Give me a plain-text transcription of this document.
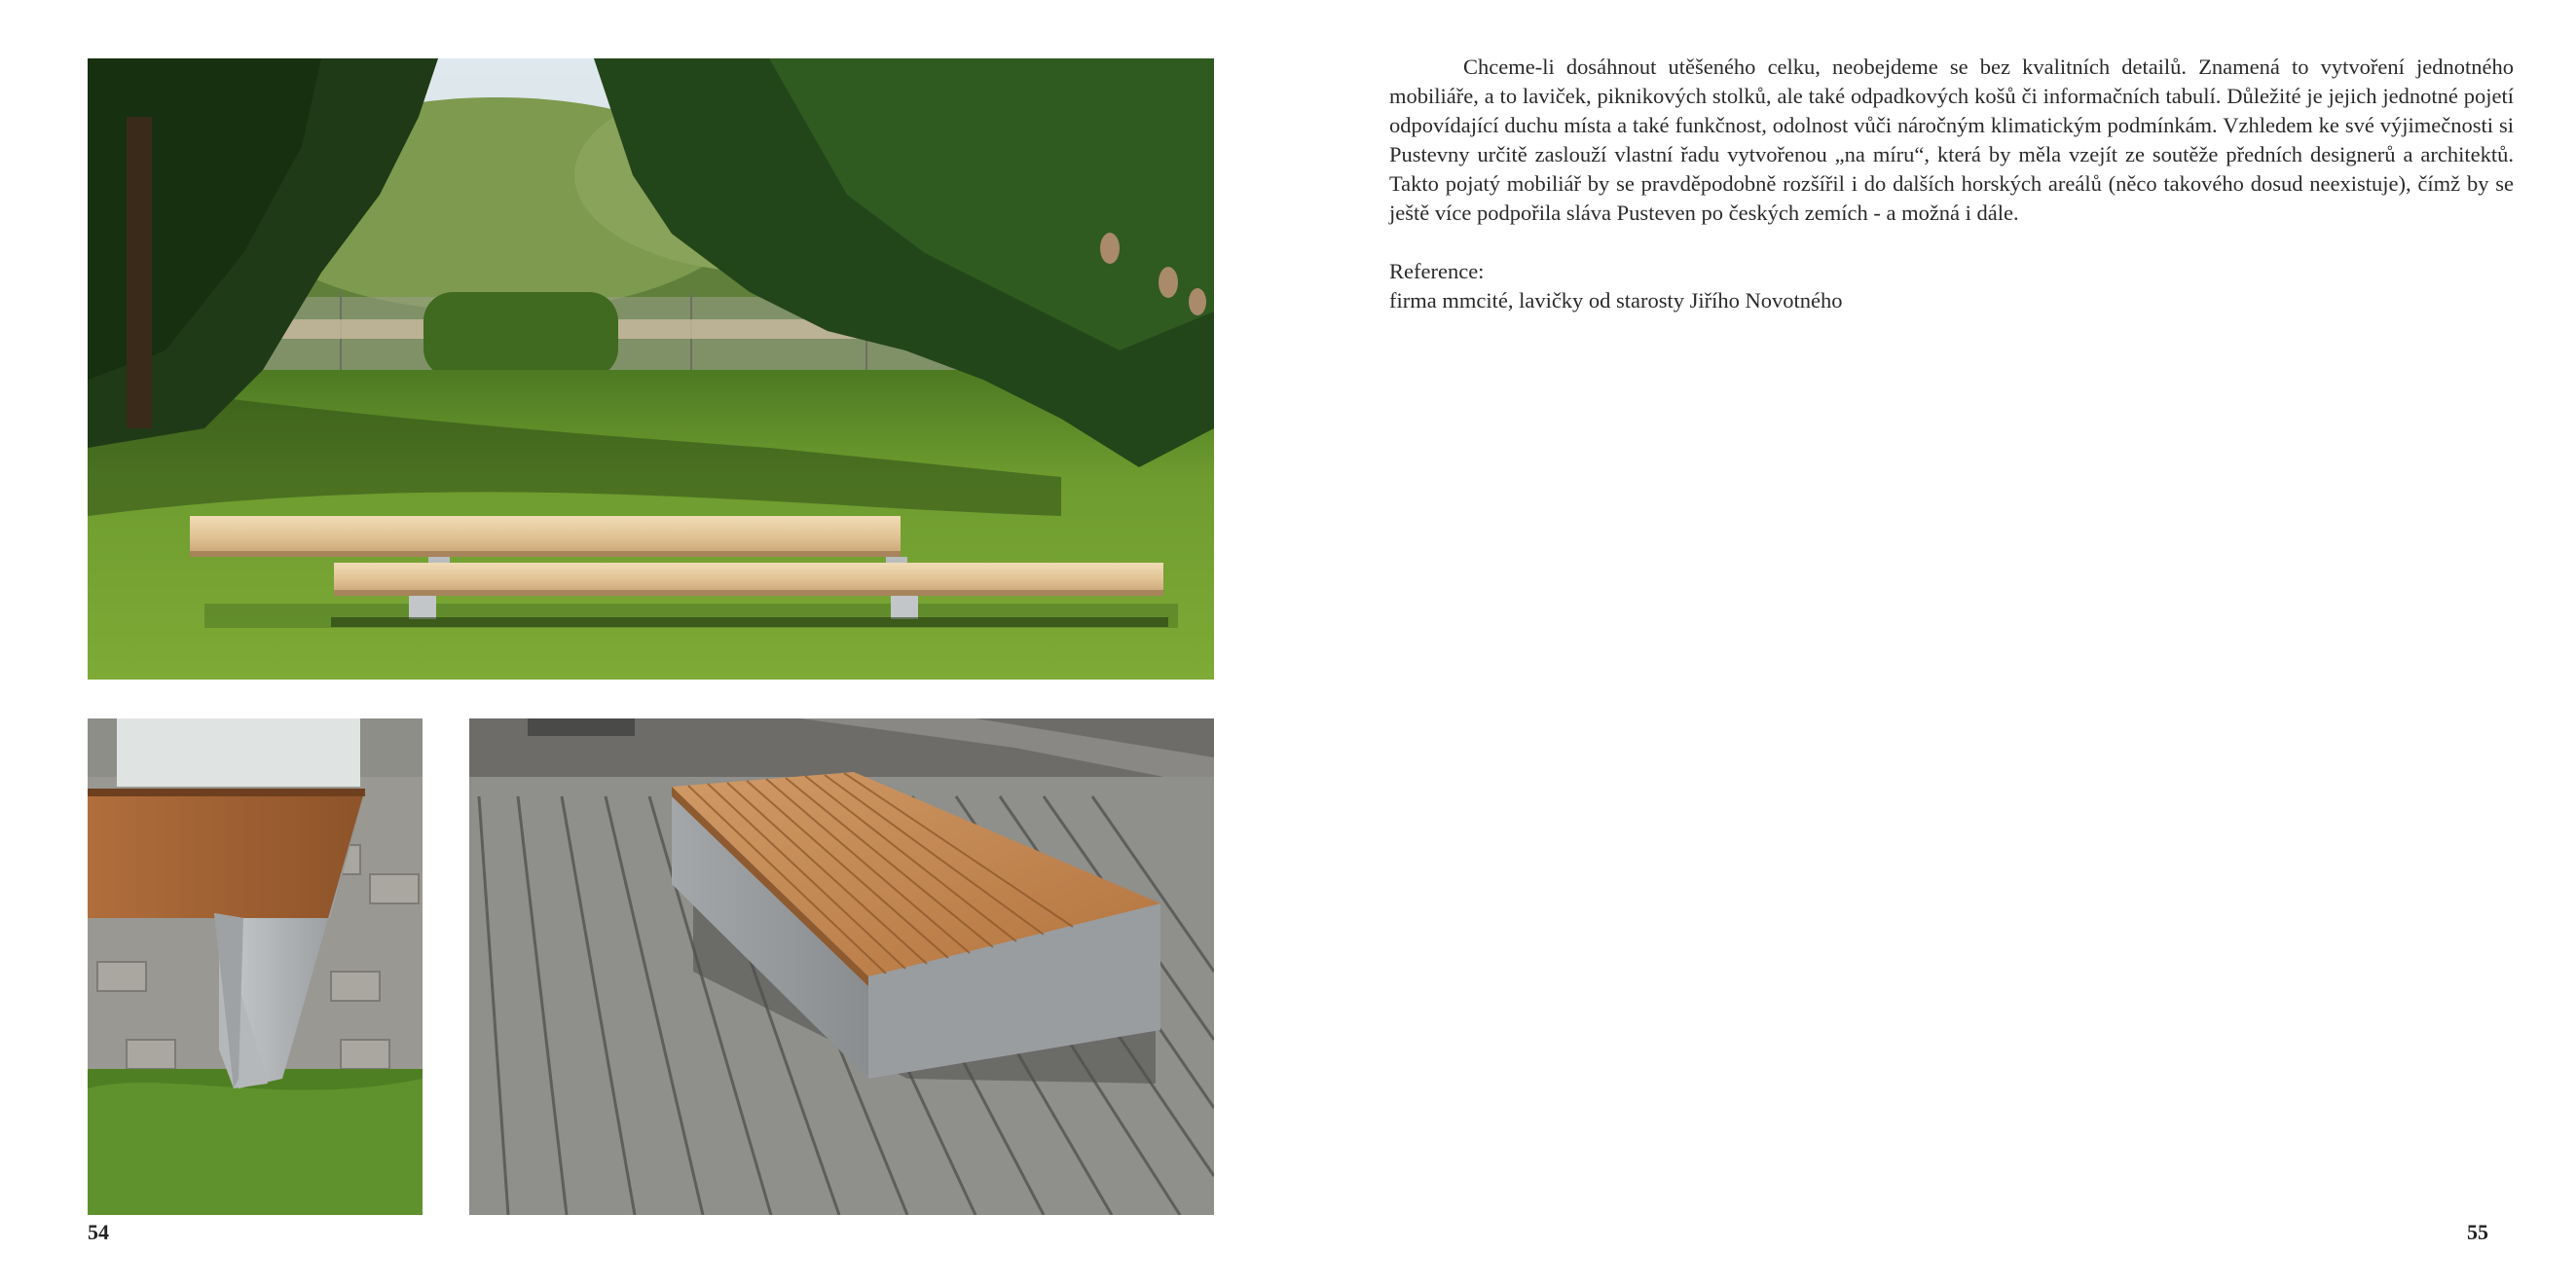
54

Chceme-li dosáhnout utěšeného celku, neobejdeme se bez kvalitních detailů. Znamená to vytvoření jednotného mobiliáře, a to laviček, piknikových stolků, ale také odpadkových košů či informačních tabulí. Důležité je jejich jednotné pojetí odpovídající duchu místa a také funkčnost, odolnost vůči náročným klimatickým podmínkám. Vzhledem ke své výjimečnosti si Pustevny určitě zaslouží vlastní řadu vytvořenou „na míru“, která by měla vzejít ze soutěže předních designerů a architektů. Takto pojatý mobiliář by se pravděpodobně rozšířil i do dalších horských areálů (něco takového dosud neexistuje), čímž by se ještě více podpořila sláva Pusteven po českých zemích - a možná i dále.

Reference:

firma mmcité, lavičky od starosty Jiřího Novotného

55
